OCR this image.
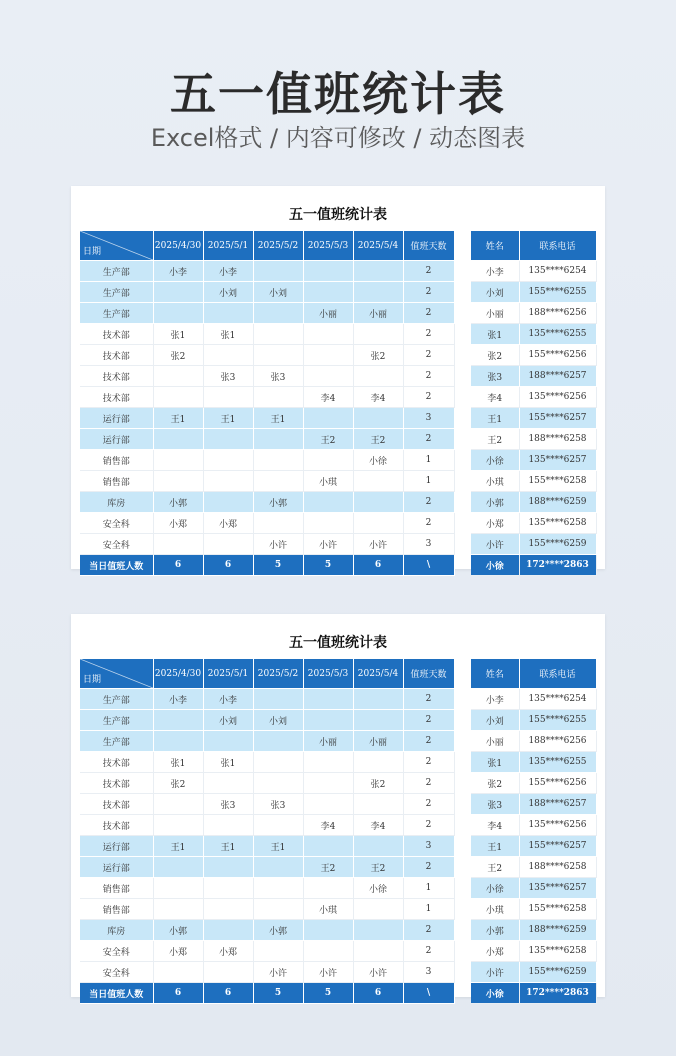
五一值班统计表
Excel格式 / 内容可修改 / 动态图表
五一值班统计表
日期	2025/4/30	2025/5/1	2025/5/2	2025/5/3	2025/5/4	值班天数
生产部	小李	小李				2
生产部		小刘	小刘			2
生产部				小丽	小丽	2
技术部	张1	张1				2
技术部	张2				张2	2
技术部		张3	张3			2
技术部				李4	李4	2
运行部	王1	王1	王1			3
运行部				王2	王2	2
销售部					小徐	1
销售部				小琪		1
库房	小郭		小郭			2
安全科	小郑	小郑				2
安全科			小许	小许	小许	3
当日值班人数	6	6	5	5	6	\
姓名	联系电话
小李	135****6254
小刘	155****6255
小丽	188****6256
张1	135****6255
张2	155****6256
张3	188****6257
李4	135****6256
王1	155****6257
王2	188****6258
小徐	135****6257
小琪	155****6258
小郭	188****6259
小郑	135****6258
小许	155****6259
小徐	172****2863
五一值班统计表
日期	2025/4/30	2025/5/1	2025/5/2	2025/5/3	2025/5/4	值班天数
生产部	小李	小李				2
生产部		小刘	小刘			2
生产部				小丽	小丽	2
技术部	张1	张1				2
技术部	张2				张2	2
技术部		张3	张3			2
技术部				李4	李4	2
运行部	王1	王1	王1			3
运行部				王2	王2	2
销售部					小徐	1
销售部				小琪		1
库房	小郭		小郭			2
安全科	小郑	小郑				2
安全科			小许	小许	小许	3
当日值班人数	6	6	5	5	6	\
姓名	联系电话
小李	135****6254
小刘	155****6255
小丽	188****6256
张1	135****6255
张2	155****6256
张3	188****6257
李4	135****6256
王1	155****6257
王2	188****6258
小徐	135****6257
小琪	155****6258
小郭	188****6259
小郑	135****6258
小许	155****6259
小徐	172****2863
